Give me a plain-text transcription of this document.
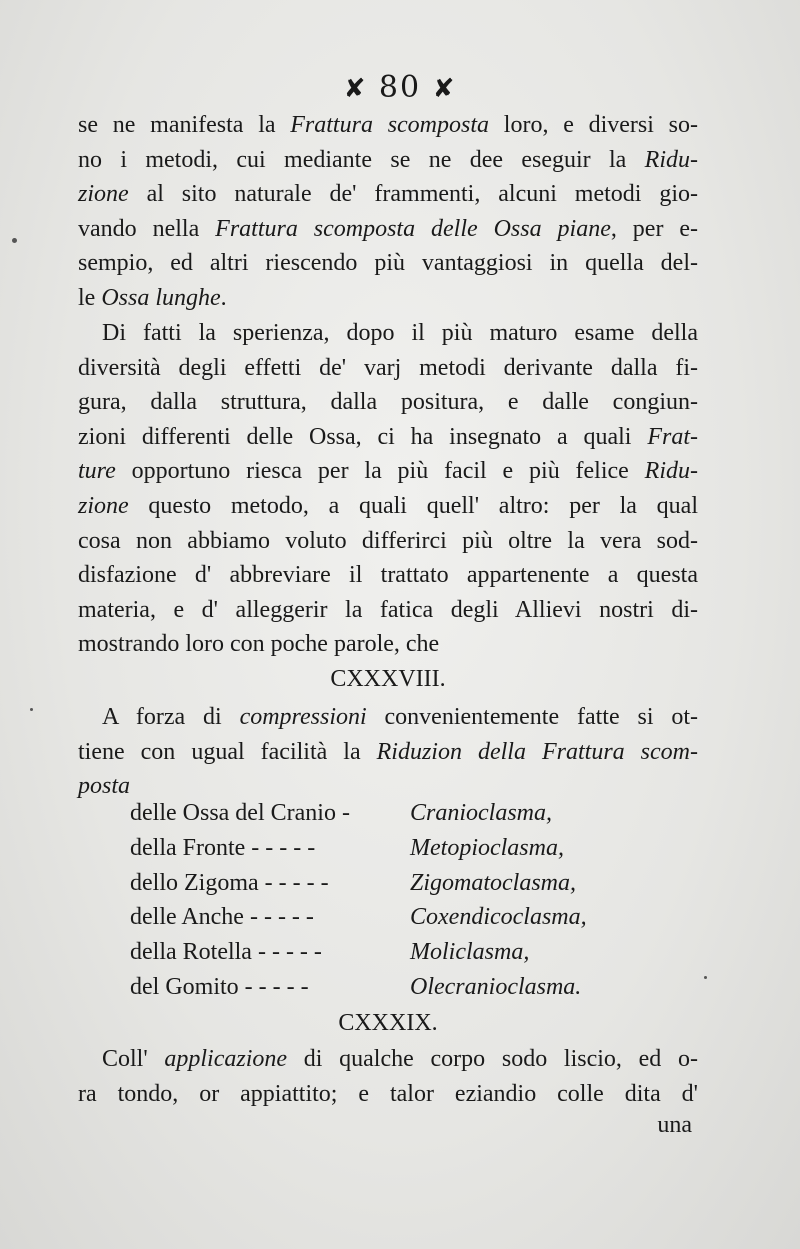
✘ 80 ✘
se ne manifesta la Frattura scomposta loro, e diversi so-
no i metodi, cui mediante se ne dee eseguir la Ridu-
zione al sito naturale de' frammenti, alcuni metodi gio-
vando nella Frattura scomposta delle Ossa piane, per e-
sempio, ed altri riescendo più vantaggiosi in quella del-
le Ossa lunghe.
Di fatti la sperienza, dopo il più maturo esame della
diversità degli effetti de' varj metodi derivante dalla fi-
gura, dalla struttura, dalla positura, e dalle congiun-
zioni differenti delle Ossa, ci ha insegnato a quali Frat-
ture opportuno riesca per la più facil e più felice Ridu-
zione questo metodo, a quali quell' altro: per la qual
cosa non abbiamo voluto differirci più oltre la vera sod-
disfazione d' abbreviare il trattato appartenente a questa
materia, e d' alleggerir la fatica degli Allievi nostri di-
mostrando loro con poche parole, che
CXXXVIII.
A forza di compressioni convenientemente fatte si ot-
tiene con ugual facilità la Riduzion della Frattura scom-
posta
delle Ossa del Cranio -	Cranioclasma,
della Fronte - - - - -	Metopioclasma,
dello Zigoma - - - - -	Zigomatoclasma,
delle Anche - - - - -	Coxendicoclasma,
della Rotella - - - - -	Moliclasma,
del Gomito - - - - -	Olecranioclasma.
CXXXIX.
Coll' applicazione di qualche corpo sodo liscio, ed o-
ra tondo, or appiattito; e talor eziandio colle dita d'
una
